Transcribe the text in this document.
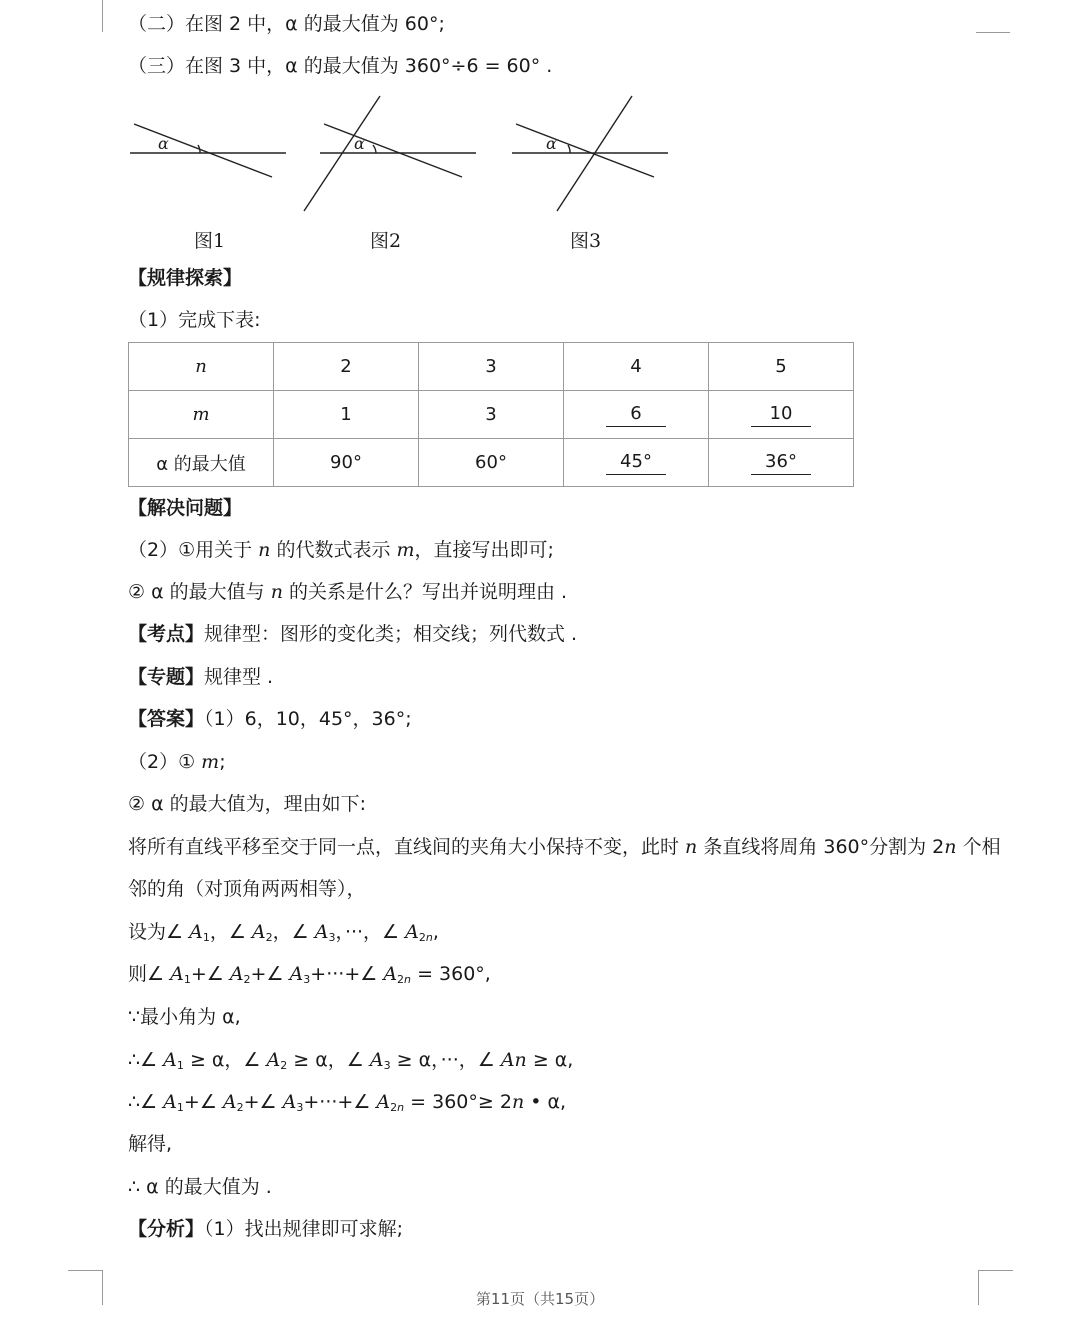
（二）在图 2 中，α 的最大值为 60°;
（三）在图 3 中，α 的最大值为 360°÷6 = 60° .
α	α	α
图1	图2	图3
【规律探索】
（1）完成下表:
n	2	3	4	5
m	1	3	6	10
α 的最大值	90°	60°	45°	36°
【解决问题】
（2）①用关于 n 的代数式表示 m，直接写出即可;
② α 的最大值与 n 的关系是什么？写出并说明理由 .
【考点】规律型：图形的变化类；相交线；列代数式 .
【专题】规律型 .
【答案】（1）6，10，45°，36°;
（2）① m;
② α 的最大值为，理由如下:
将所有直线平移至交于同一点，直线间的夹角大小保持不变，此时 n 条直线将周角 360°分割为 2n 个相
邻的角（对顶角两两相等），
设为∠ $A_1$，∠ $A_2$，∠ $A_3$，···，∠ $A_{2n}$,
则∠ $A_1+\angle$ $A_2+\angle$ $A_3+\cdot\cdot\cdot+\angle$ $A_{2n} = 360^\circ$,
∵最小角为 α,
∴∠ $A_1 \ge \alpha$，∠ $A_2 \ge \alpha$，∠ $A_3 \ge \alpha$，···，∠ An ≥ α,
∴∠ $A_1+\angle$ $A_2+\angle$ $A_3+\cdot\cdot\cdot+\angle$ $A_{2n} = 360^\circ\ge 2n$ • α,
解得,
∴ α 的最大值为 .
【分析】（1）找出规律即可求解;
第11页（共15页）
